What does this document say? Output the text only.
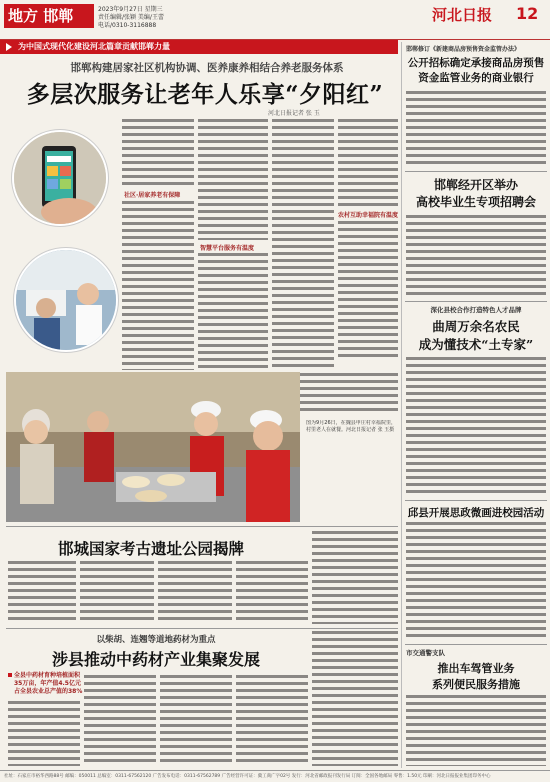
地方 邯郸	2023年9月27日 星期三
责任编辑/张颖 美编/王蕾
电话/0310-3116888
河北日报 12
为中国式现代化建设河北篇章贡献邯郸力量
邯郸构建居家社区机构协调、医养康养相结合养老服务体系
多层次服务让老年人乐享“夕阳红”
河北日报记者 张 玉
社区·居家养老有保障
智慧平台服务有温度
农村互助幸福院有温度
图为9月26日，在魏县申庄村幸福院里，村里老人在就餐。河北日报记者 张 玉摄
邯城国家考古遗址公园揭牌
以柴胡、连翘等道地药材为重点
涉县推动中药材产业集聚发展
全县中药材育种培植面积
35万亩，年产值4.5亿元
占全县农业总产值的38%
邯郸修订《新建商品房预售资金监管办法》
公开招标确定承接商品房预售资金监管业务的商业银行
邯郸经开区举办
高校毕业生专项招聘会
深化县校合作打造特色人才品牌
曲周万余名农民
成为懂技术“土专家”
邱县开展思政微画进校园活动
市交通警支队
推出车驾管业务
系列便民服务措施
社址：石家庄市裕华西路88号 邮编：050011 总编室：0311-67562120 广告发布电话：0311-67562789 广告经营许可证：冀工商广字02号 发行：河北省邮政报刊发行局 订阅：全国各地邮局 零售：1.50元 印刷：河北日报报业集团印务中心
